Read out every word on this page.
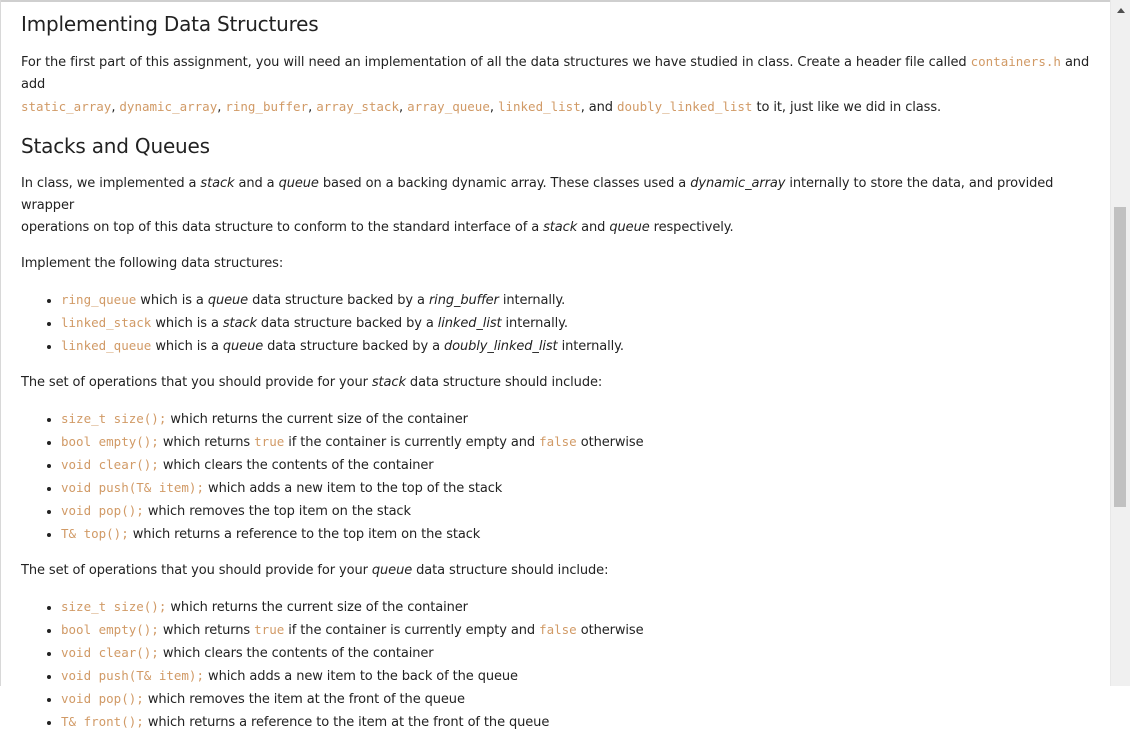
Implementing Data Structures

For the first part of this assignment, you will need an implementation of all the data structures we have studied in class. Create a header file called containers.h and add
static_array, dynamic_array, ring_buffer, array_stack, array_queue, linked_list, and doubly_linked_list to it, just like we did in class.

Stacks and Queues

In class, we implemented a stack and a queue based on a backing dynamic array. These classes used a dynamic_array internally to store the data, and provided wrapper
operations on top of this data structure to conform to the standard interface of a stack and queue respectively.

Implement the following data structures:

• ring_queue which is a queue data structure backed by a ring_buffer internally.
• linked_stack which is a stack data structure backed by a linked_list internally.
• linked_queue which is a queue data structure backed by a doubly_linked_list internally.

The set of operations that you should provide for your stack data structure should include:

• size_t size(); which returns the current size of the container
• bool empty(); which returns true if the container is currently empty and false otherwise
• void clear(); which clears the contents of the container
• void push(T& item); which adds a new item to the top of the stack
• void pop(); which removes the top item on the stack
• T& top(); which returns a reference to the top item on the stack

The set of operations that you should provide for your queue data structure should include:

• size_t size(); which returns the current size of the container
• bool empty(); which returns true if the container is currently empty and false otherwise
• void clear(); which clears the contents of the container
• void push(T& item); which adds a new item to the back of the queue
• void pop(); which removes the item at the front of the queue
• T& front(); which returns a reference to the item at the front of the queue
